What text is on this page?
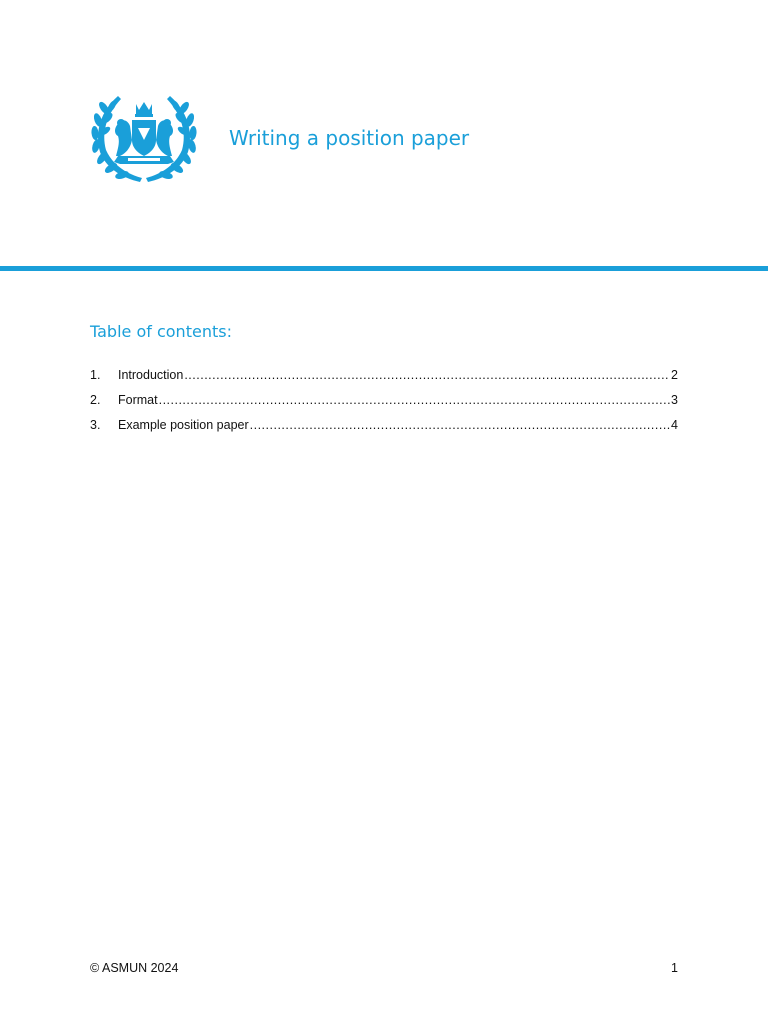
Writing a position paper
Table of contents:
1.	Introduction .....	2
2.	Format .....	3
3.	Example position paper .....	4
© ASMUN 2024	1
